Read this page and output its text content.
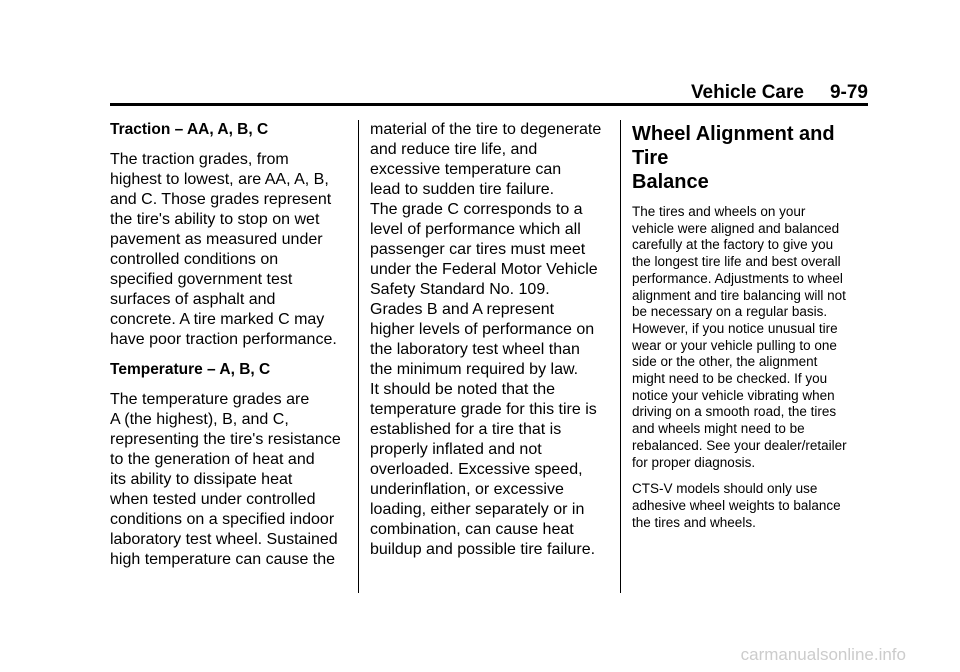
Vehicle Care 9-79

Traction – AA, A, B, C

The traction grades, from
highest to lowest, are AA, A, B,
and C. Those grades represent
the tire's ability to stop on wet
pavement as measured under
controlled conditions on
specified government test
surfaces of asphalt and
concrete. A tire marked C may
have poor traction performance.

Temperature – A, B, C

The temperature grades are
A (the highest), B, and C,
representing the tire's resistance
to the generation of heat and
its ability to dissipate heat
when tested under controlled
conditions on a specified indoor
laboratory test wheel. Sustained
high temperature can cause the

material of the tire to degenerate
and reduce tire life, and
excessive temperature can
lead to sudden tire failure.
The grade C corresponds to a
level of performance which all
passenger car tires must meet
under the Federal Motor Vehicle
Safety Standard No. 109.
Grades B and A represent
higher levels of performance on
the laboratory test wheel than
the minimum required by law.
It should be noted that the
temperature grade for this tire is
established for a tire that is
properly inflated and not
overloaded. Excessive speed,
underinflation, or excessive
loading, either separately or in
combination, can cause heat
buildup and possible tire failure.

Wheel Alignment and Tire
Balance

The tires and wheels on your
vehicle were aligned and balanced
carefully at the factory to give you
the longest tire life and best overall
performance. Adjustments to wheel
alignment and tire balancing will not
be necessary on a regular basis.
However, if you notice unusual tire
wear or your vehicle pulling to one
side or the other, the alignment
might need to be checked. If you
notice your vehicle vibrating when
driving on a smooth road, the tires
and wheels might need to be
rebalanced. See your dealer/retailer
for proper diagnosis.

CTS-V models should only use
adhesive wheel weights to balance
the tires and wheels.

carmanualsonline.info
